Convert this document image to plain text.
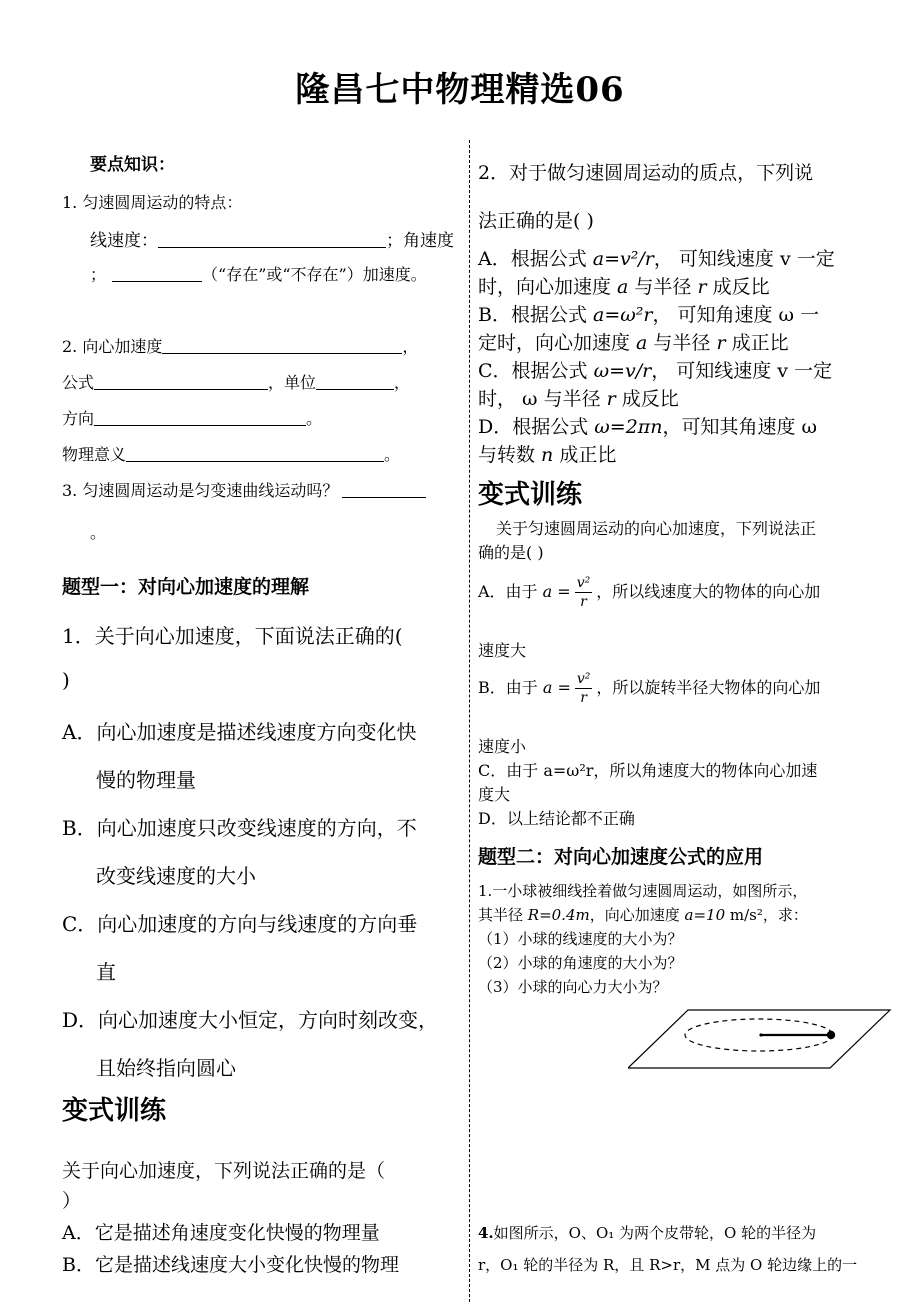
隆昌七中物理精选06
要点知识：
1. 匀速圆周运动的特点：
线速度：	；角速度
；	（“存在”或“不存在”）加速度。
2. 向心加速度	，
公式	，单位	，
方向	。
物理意义	。
3. 匀速圆周运动是匀变速曲线运动吗？
。
题型一：对向心加速度的理解
1．关于向心加速度，下面说法正确的(
)
A．向心加速度是描述线速度方向变化快
慢的物理量
B．向心加速度只改变线速度的方向，不
改变线速度的大小
C．向心加速度的方向与线速度的方向垂
直
D．向心加速度大小恒定，方向时刻改变，
且始终指向圆心
变式训练
关于向心加速度，下列说法正确的是（
）
A．它是描述角速度变化快慢的物理量
B．它是描述线速度大小变化快慢的物理
2．对于做匀速圆周运动的质点，下列说
法正确的是( )
A．根据公式 a=v²/r， 可知线速度 v 一定
时，向心加速度 a 与半径 r 成反比
B．根据公式 a=ω²r， 可知角速度 ω 一
定时，向心加速度 a 与半径 r 成正比
C．根据公式 ω=v/r， 可知线速度 v 一定
时， ω 与半径 r 成反比
D．根据公式 ω=2πn，可知其角速度 ω
与转数 n 成正比
变式训练
关于匀速圆周运动的向心加速度，下列说法正
确的是( )
A．由于 $a = \frac{\text{v²}}{r}$ ，所以线速度大的物体的向心加
速度大
B．由于 $a = \frac{\text{v²}}{r}$ ，所以旋转半径大物体的向心加
速度小
C．由于 a=ω²r，所以角速度大的物体向心加速
度大
D．以上结论都不正确
题型二：对向心加速度公式的应用
1.一小球被细线拴着做匀速圆周运动，如图所示，
其半径 R=0.4m，向心加速度 a=10 m/s²，求：
（1）小球的线速度的大小为？
（2）小球的角速度的大小为？
（3）小球的向心力大小为？
4.如图所示，O、O₁ 为两个皮带轮，O 轮的半径为
r，O₁ 轮的半径为 R，且 R>r，M 点为 O 轮边缘上的一
